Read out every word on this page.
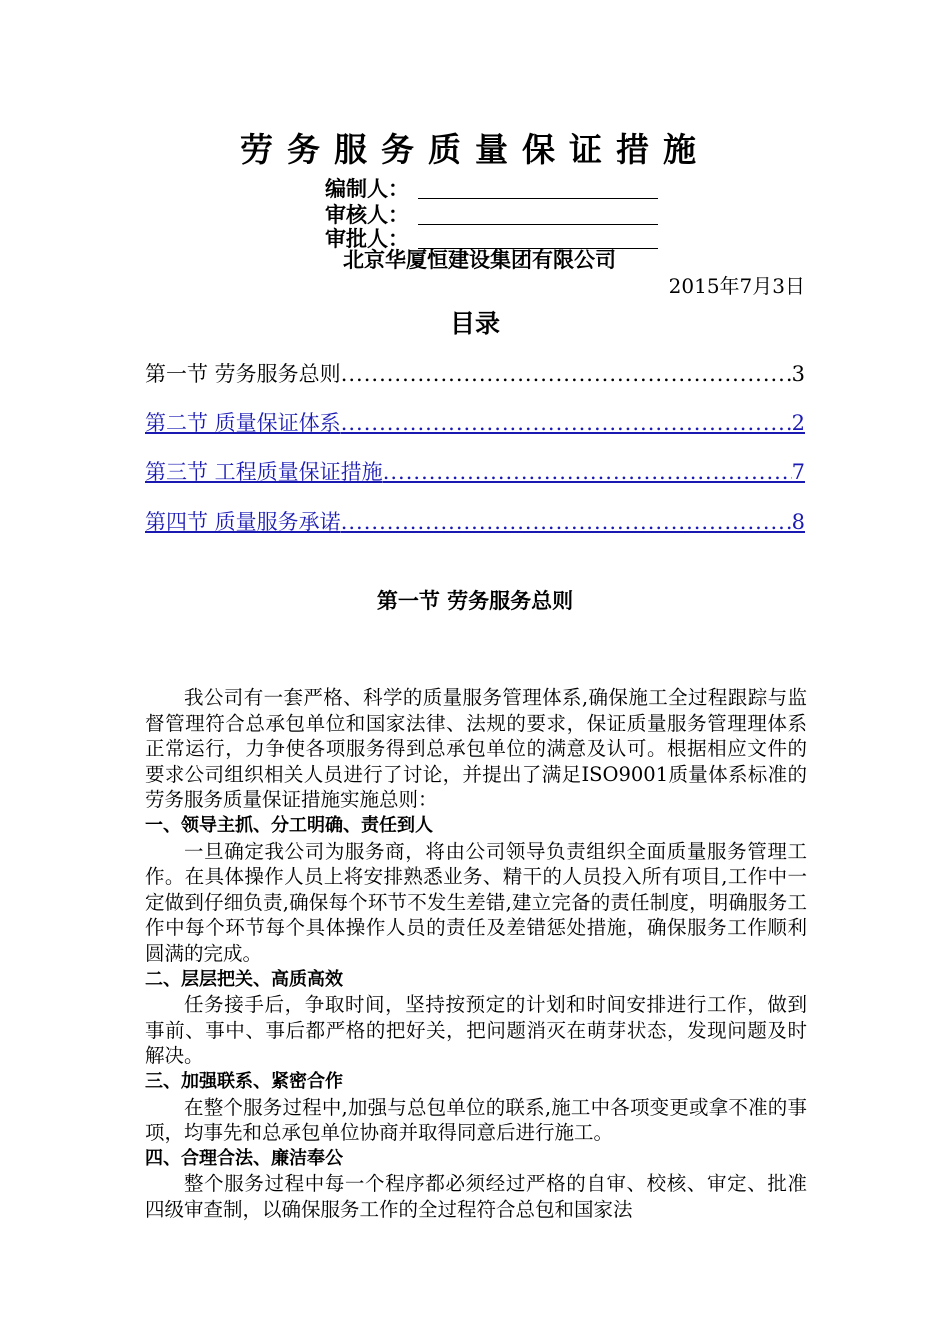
劳务服务质量保证措施
编制人：
审核人：
审批人：
北京华厦恒建设集团有限公司
2015年7月3日
目录
第一节 劳务服务总则 .....	3
第二节 质量保证体系 .....	2
第三节 工程质量保证措施 .....	7
第四节 质量服务承诺 .....	8
第一节 劳务服务总则

我公司有一套严格、科学的质量服务管理体系,确保施工全过程跟踪与监督管理符合总承包单位和国家法律、法规的要求，保证质量服务管理理体系正常运行，力争使各项服务得到总承包单位的满意及认可。根据相应文件的要求公司组织相关人员进行了讨论，并提出了满足ISO9001质量体系标准的劳务服务质量保证措施实施总则：

一、领导主抓、分工明确、责任到人

一旦确定我公司为服务商，将由公司领导负责组织全面质量服务管理工作。在具体操作人员上将安排熟悉业务、精干的人员投入所有项目,工作中一定做到仔细负责,确保每个环节不发生差错,建立完备的责任制度，明确服务工作中每个环节每个具体操作人员的责任及差错惩处措施，确保服务工作顺利圆满的完成。

二、层层把关、高质高效

任务接手后，争取时间，坚持按预定的计划和时间安排进行工作，做到事前、事中、事后都严格的把好关，把问题消灭在萌芽状态，发现问题及时解决。

三、加强联系、紧密合作

在整个服务过程中,加强与总包单位的联系,施工中各项变更或拿不准的事项，均事先和总承包单位协商并取得同意后进行施工。

四、合理合法、廉洁奉公

整个服务过程中每一个程序都必须经过严格的自审、校核、审定、批准四级审查制，以确保服务工作的全过程符合总包和国家法
